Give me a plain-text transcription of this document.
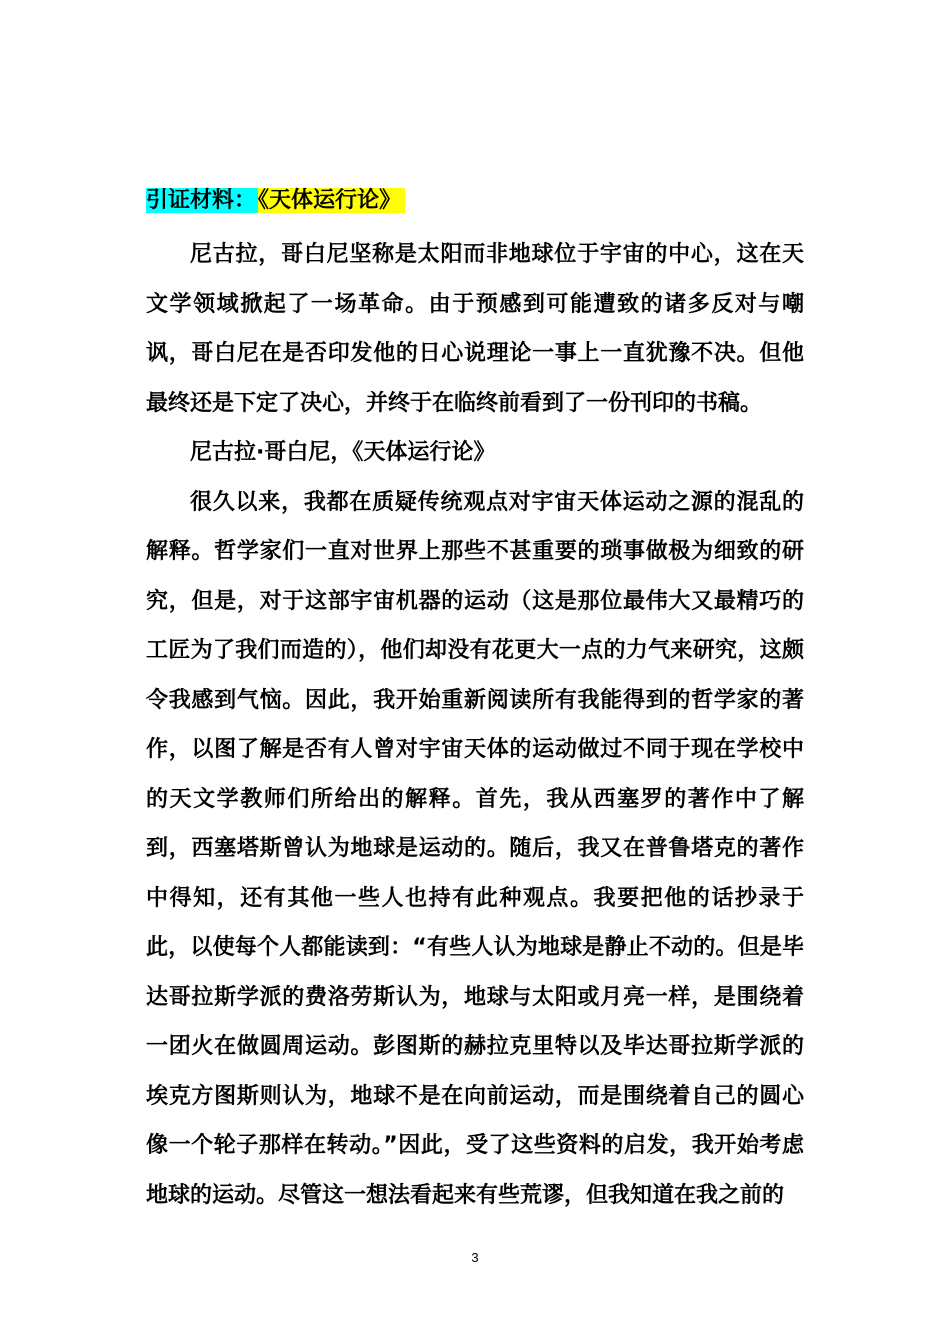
引证材料：《天体运行论》

尼古拉，哥白尼坚称是太阳而非地球位于宇宙的中心，这在天文学领域掀起了一场革命。由于预感到可能遭致的诸多反对与嘲讽，哥白尼在是否印发他的日心说理论一事上一直犹豫不决。但他最终还是下定了决心，并终于在临终前看到了一份刊印的书稿。

尼古拉·哥白尼，《天体运行论》

很久以来，我都在质疑传统观点对宇宙天体运动之源的混乱的解释。哲学家们一直对世界上那些不甚重要的琐事做极为细致的研究，但是，对于这部宇宙机器的运动（这是那位最伟大又最精巧的工匠为了我们而造的），他们却没有花更大一点的力气来研究，这颇令我感到气恼。因此，我开始重新阅读所有我能得到的哲学家的著作，以图了解是否有人曾对宇宙天体的运动做过不同于现在学校中的天文学教师们所给出的解释。首先，我从西塞罗的著作中了解到，西塞塔斯曾认为地球是运动的。随后，我又在普鲁塔克的著作中得知，还有其他一些人也持有此种观点。我要把他的话抄录于此，以使每个人都能读到：“有些人认为地球是静止不动的。但是毕达哥拉斯学派的费洛劳斯认为，地球与太阳或月亮一样，是围绕着一团火在做圆周运动。彭图斯的赫拉克里特以及毕达哥拉斯学派的埃克方图斯则认为，地球不是在向前运动，而是围绕着自己的圆心像一个轮子那样在转动。”因此，受了这些资料的启发，我开始考虑地球的运动。尽管这一想法看起来有些荒谬，但我知道在我之前的

3
